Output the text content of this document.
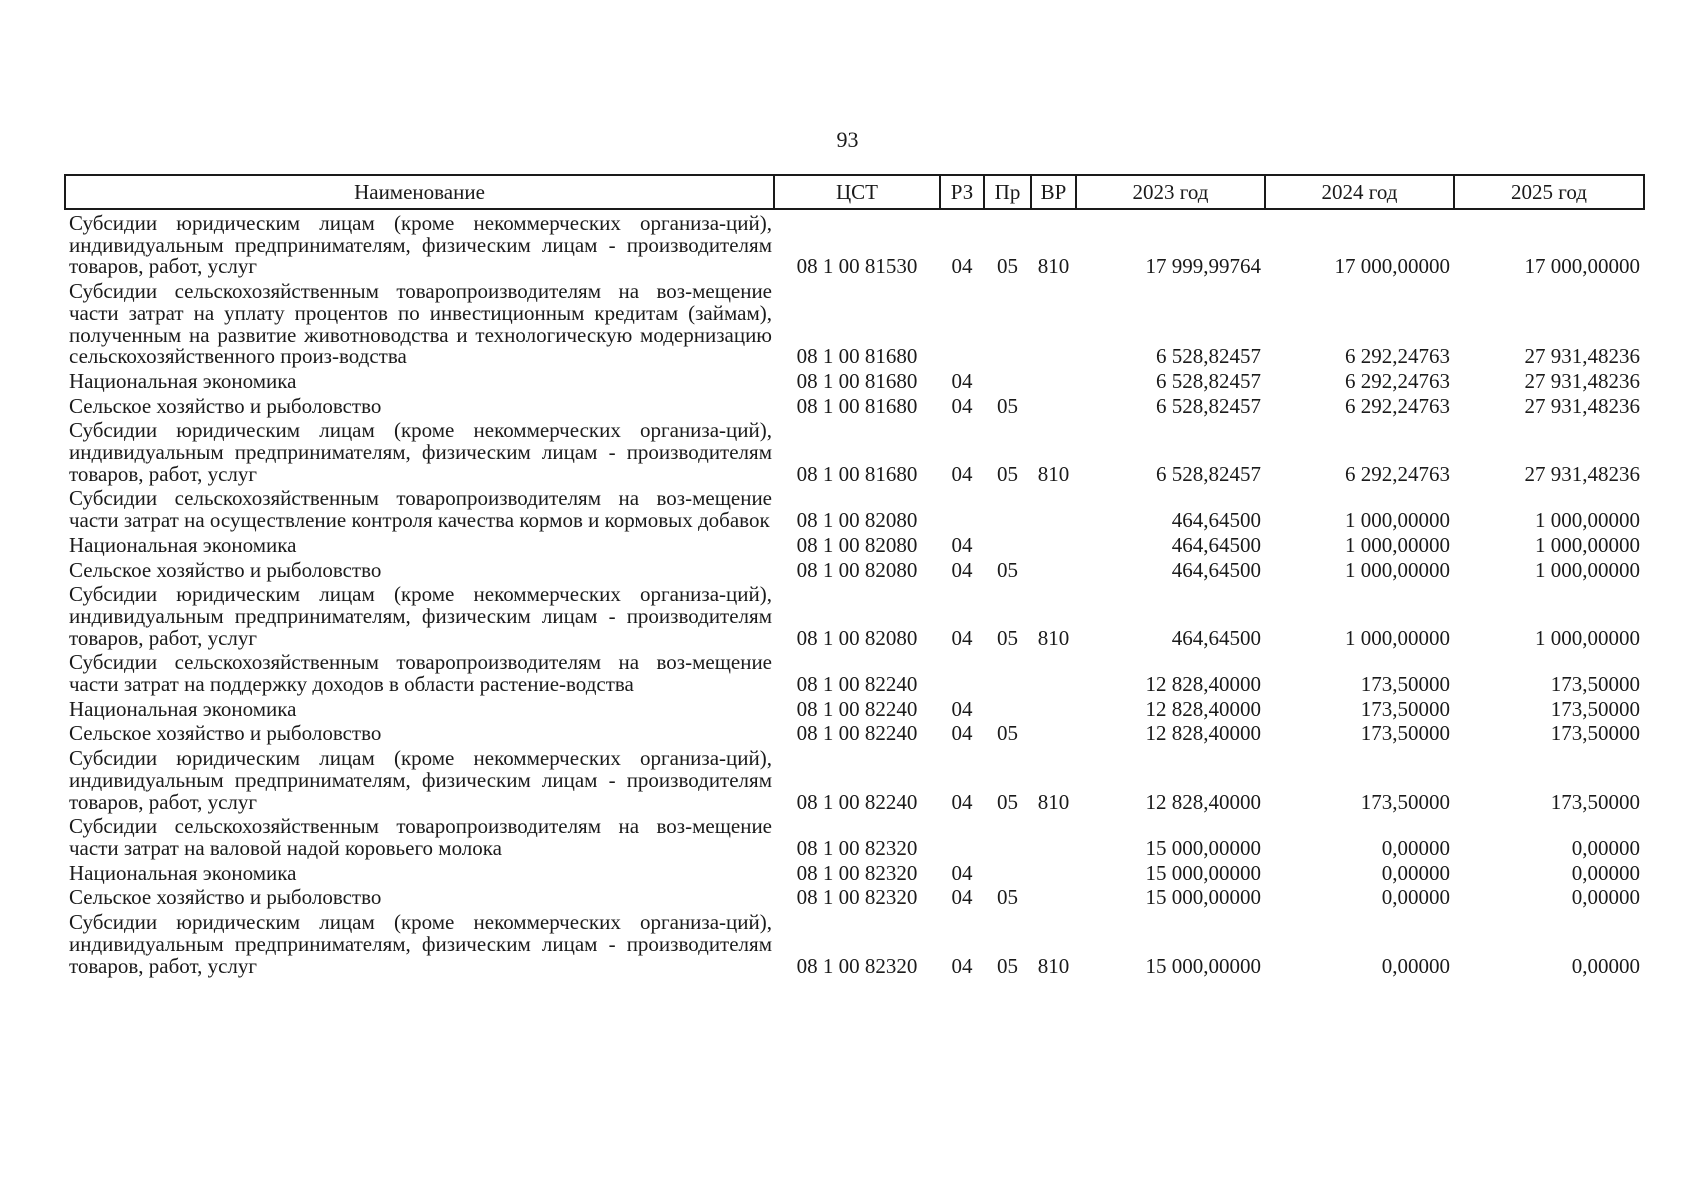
93
Наименование	ЦСТ	РЗ	Пр	ВР	2023 год	2024 год	2025 год
Субсидии юридическим лицам (кроме некоммерческих организа-ций), индивидуальным предпринимателям, физическим лицам - производителям товаров, работ, услуг	08 1 00 81530	04	05	810	17 999,99764	17 000,00000	17 000,00000
Субсидии сельскохозяйственным товаропроизводителям на воз-мещение части затрат на уплату процентов по инвестиционным кредитам (займам), полученным на развитие животноводства и технологическую модернизацию сельскохозяйственного произ-водства	08 1 00 81680				6 528,82457	6 292,24763	27 931,48236
Национальная экономика	08 1 00 81680	04			6 528,82457	6 292,24763	27 931,48236
Сельское хозяйство и рыболовство	08 1 00 81680	04	05		6 528,82457	6 292,24763	27 931,48236
Субсидии юридическим лицам (кроме некоммерческих организа-ций), индивидуальным предпринимателям, физическим лицам - производителям товаров, работ, услуг	08 1 00 81680	04	05	810	6 528,82457	6 292,24763	27 931,48236
Субсидии сельскохозяйственным товаропроизводителям на воз-мещение части затрат на осуществление контроля качества кормов и кормовых добавок	08 1 00 82080				464,64500	1 000,00000	1 000,00000
Национальная экономика	08 1 00 82080	04			464,64500	1 000,00000	1 000,00000
Сельское хозяйство и рыболовство	08 1 00 82080	04	05		464,64500	1 000,00000	1 000,00000
Субсидии юридическим лицам (кроме некоммерческих организа-ций), индивидуальным предпринимателям, физическим лицам - производителям товаров, работ, услуг	08 1 00 82080	04	05	810	464,64500	1 000,00000	1 000,00000
Субсидии сельскохозяйственным товаропроизводителям на воз-мещение части затрат на поддержку доходов в области растение-водства	08 1 00 82240				12 828,40000	173,50000	173,50000
Национальная экономика	08 1 00 82240	04			12 828,40000	173,50000	173,50000
Сельское хозяйство и рыболовство	08 1 00 82240	04	05		12 828,40000	173,50000	173,50000
Субсидии юридическим лицам (кроме некоммерческих организа-ций), индивидуальным предпринимателям, физическим лицам - производителям товаров, работ, услуг	08 1 00 82240	04	05	810	12 828,40000	173,50000	173,50000
Субсидии сельскохозяйственным товаропроизводителям на воз-мещение части затрат на валовой надой коровьего молока	08 1 00 82320				15 000,00000	0,00000	0,00000
Национальная экономика	08 1 00 82320	04			15 000,00000	0,00000	0,00000
Сельское хозяйство и рыболовство	08 1 00 82320	04	05		15 000,00000	0,00000	0,00000
Субсидии юридическим лицам (кроме некоммерческих организа-ций), индивидуальным предпринимателям, физическим лицам - производителям товаров, работ, услуг	08 1 00 82320	04	05	810	15 000,00000	0,00000	0,00000
